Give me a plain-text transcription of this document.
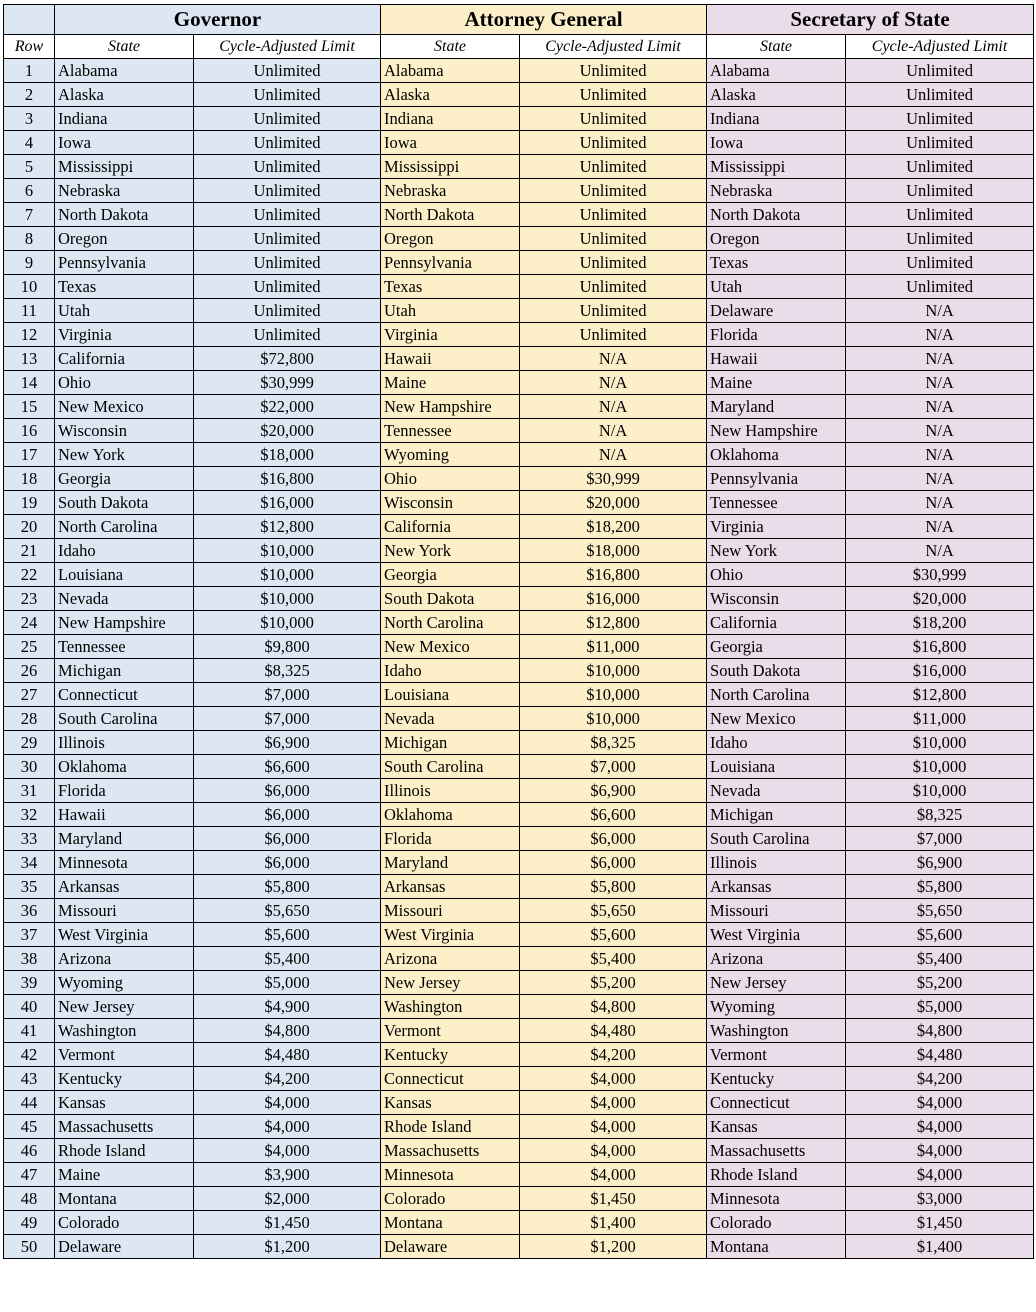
	Governor		Attorney General		Secretary of State	
Row	State	Cycle-Adjusted Limit	State	Cycle-Adjusted Limit	State	Cycle-Adjusted Limit
1	Alabama	Unlimited	Alabama	Unlimited	Alabama	Unlimited
2	Alaska	Unlimited	Alaska	Unlimited	Alaska	Unlimited
3	Indiana	Unlimited	Indiana	Unlimited	Indiana	Unlimited
4	Iowa	Unlimited	Iowa	Unlimited	Iowa	Unlimited
5	Mississippi	Unlimited	Mississippi	Unlimited	Mississippi	Unlimited
6	Nebraska	Unlimited	Nebraska	Unlimited	Nebraska	Unlimited
7	North Dakota	Unlimited	North Dakota	Unlimited	North Dakota	Unlimited
8	Oregon	Unlimited	Oregon	Unlimited	Oregon	Unlimited
9	Pennsylvania	Unlimited	Pennsylvania	Unlimited	Texas	Unlimited
10	Texas	Unlimited	Texas	Unlimited	Utah	Unlimited
11	Utah	Unlimited	Utah	Unlimited	Delaware	N/A
12	Virginia	Unlimited	Virginia	Unlimited	Florida	N/A
13	California	$72,800	Hawaii	N/A	Hawaii	N/A
14	Ohio	$30,999	Maine	N/A	Maine	N/A
15	New Mexico	$22,000	New Hampshire	N/A	Maryland	N/A
16	Wisconsin	$20,000	Tennessee	N/A	New Hampshire	N/A
17	New York	$18,000	Wyoming	N/A	Oklahoma	N/A
18	Georgia	$16,800	Ohio	$30,999	Pennsylvania	N/A
19	South Dakota	$16,000	Wisconsin	$20,000	Tennessee	N/A
20	North Carolina	$12,800	California	$18,200	Virginia	N/A
21	Idaho	$10,000	New York	$18,000	New York	N/A
22	Louisiana	$10,000	Georgia	$16,800	Ohio	$30,999
23	Nevada	$10,000	South Dakota	$16,000	Wisconsin	$20,000
24	New Hampshire	$10,000	North Carolina	$12,800	California	$18,200
25	Tennessee	$9,800	New Mexico	$11,000	Georgia	$16,800
26	Michigan	$8,325	Idaho	$10,000	South Dakota	$16,000
27	Connecticut	$7,000	Louisiana	$10,000	North Carolina	$12,800
28	South Carolina	$7,000	Nevada	$10,000	New Mexico	$11,000
29	Illinois	$6,900	Michigan	$8,325	Idaho	$10,000
30	Oklahoma	$6,600	South Carolina	$7,000	Louisiana	$10,000
31	Florida	$6,000	Illinois	$6,900	Nevada	$10,000
32	Hawaii	$6,000	Oklahoma	$6,600	Michigan	$8,325
33	Maryland	$6,000	Florida	$6,000	South Carolina	$7,000
34	Minnesota	$6,000	Maryland	$6,000	Illinois	$6,900
35	Arkansas	$5,800	Arkansas	$5,800	Arkansas	$5,800
36	Missouri	$5,650	Missouri	$5,650	Missouri	$5,650
37	West Virginia	$5,600	West Virginia	$5,600	West Virginia	$5,600
38	Arizona	$5,400	Arizona	$5,400	Arizona	$5,400
39	Wyoming	$5,000	New Jersey	$5,200	New Jersey	$5,200
40	New Jersey	$4,900	Washington	$4,800	Wyoming	$5,000
41	Washington	$4,800	Vermont	$4,480	Washington	$4,800
42	Vermont	$4,480	Kentucky	$4,200	Vermont	$4,480
43	Kentucky	$4,200	Connecticut	$4,000	Kentucky	$4,200
44	Kansas	$4,000	Kansas	$4,000	Connecticut	$4,000
45	Massachusetts	$4,000	Rhode Island	$4,000	Kansas	$4,000
46	Rhode Island	$4,000	Massachusetts	$4,000	Massachusetts	$4,000
47	Maine	$3,900	Minnesota	$4,000	Rhode Island	$4,000
48	Montana	$2,000	Colorado	$1,450	Minnesota	$3,000
49	Colorado	$1,450	Montana	$1,400	Colorado	$1,450
50	Delaware	$1,200	Delaware	$1,200	Montana	$1,400
